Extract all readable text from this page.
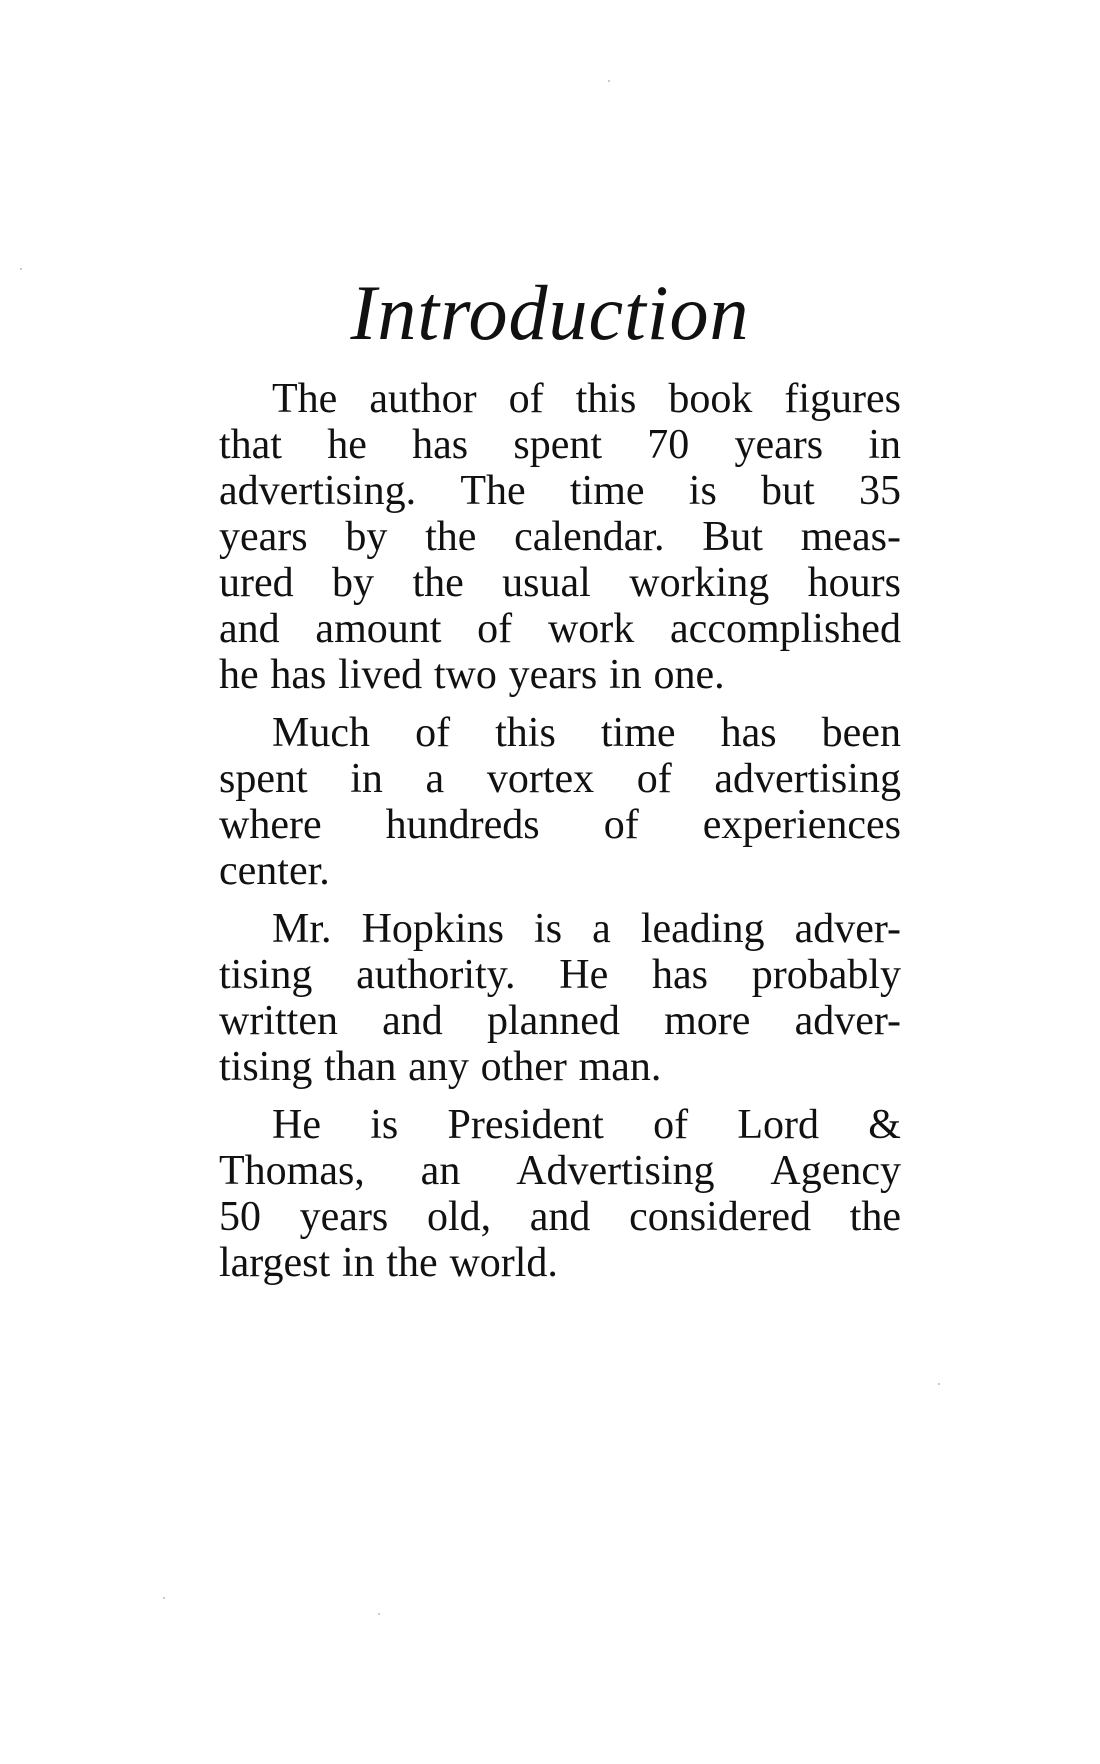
Introduction
The author of this book figures
that he has spent 70 years in
advertising. The time is but 35
years by the calendar. But meas-
ured by the usual working hours
and amount of work accomplished
he has lived two years in one.
Much of this time has been
spent in a vortex of advertising
where hundreds of experiences
center.
Mr. Hopkins is a leading adver-
tising authority. He has probably
written and planned more adver-
tising than any other man.
He is President of Lord &
Thomas, an Advertising Agency
50 years old, and considered the
largest in the world.
